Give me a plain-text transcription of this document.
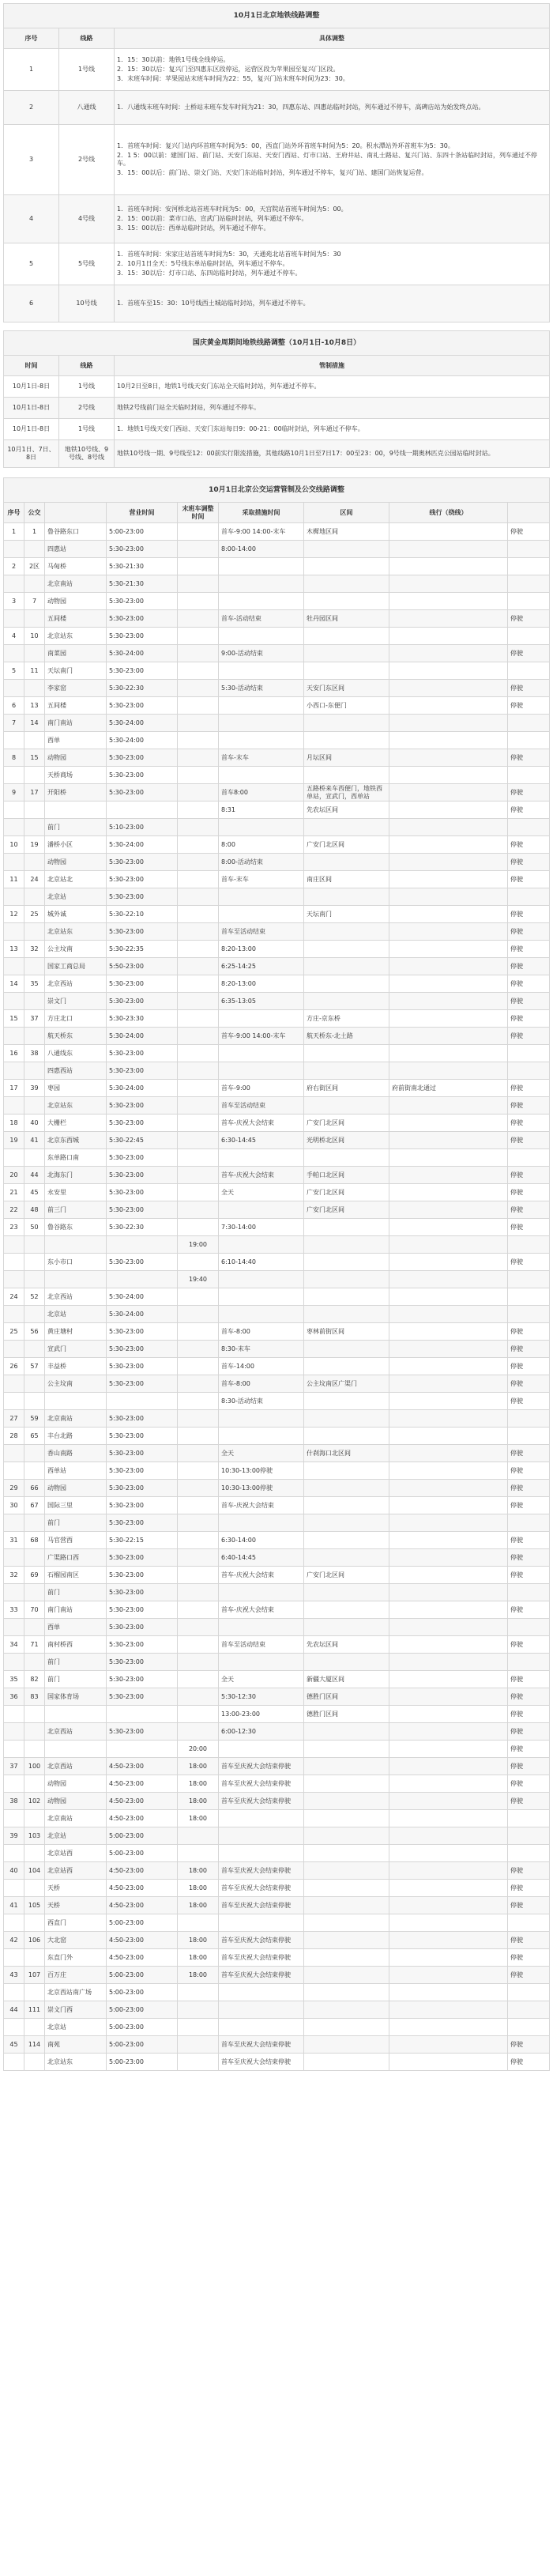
10月1日北京地铁线路调整		
序号	线路	具体调整
1	1号线	1．15：30以前：地铁1号线全线停运。
2．15：30以后：复兴门至四惠东区段停运，运营区段为苹果园至复兴门区段。
3．末班车时间：苹果园站末班车时间为22：55，复兴门站末班车时间为23：30。

2	八通线	1．八通线末班车时间：土桥站末班车发车时间为21：30，四惠东站、四惠站临时封站，列车通过不停车，高碑店站为始发终点站。

3	2号线	1．首班车时间：复兴门站内环首班车时间为5：00，西直门站外环首班车时间为5：20。积水潭站外环首班车为5：30。
2．1 5：00以前：建国门站、前门站、天安门东站、天安门西站、灯市口站、王府井站、南礼士路站、复兴门站、东四十条站临时封站，列车通过不停车。
3．15：00以后：前门站、崇文门站、天安门东站临时封站，列车通过不停车，复兴门站、建国门站恢复运营。

4	4号线	1．首班车时间：安河桥北站首班车时间为5：00，天宫院站首班车时间为5：00。
2．15：00以前：菜市口站、宣武门站临时封站，列车通过不停车。
3．15：00以后：西单站临时封站，列车通过不停车。

5	5号线	1．首班车时间：宋家庄站首班车时间为5：30，天通苑北站首班车时间为5：30
2．10月1日全天：5号线东单站临时封站，列车通过不停车。
3．15：30以后：灯市口站、东四站临时封站，列车通过不停车。

6	10号线	1．首班车至15：30：10号线西土城站临时封站，列车通过不停车。
国庆黄金周期间地铁线路调整（10月1日-10月8日）		
时间	线路	管制措施
10月1日-8日	1号线	10月2日至8日，地铁1号线天安门东站全天临时封站，列车通过不停车。
10月1日-8日	2号线	地铁2号线前门站全天临时封站，列车通过不停车。
10月1日-8日	1号线	1．地铁1号线天安门西站、天安门东站每日9：00-21：00临时封站，列车通过不停车。
10月1日、7日、8日	地铁10号线、9号线、8号线	地铁10号线一期、9号线至12：00前实行限流措施，其他线路10月1日至7日17：00至23：00，9号线一期奥林匹克公园站临时封站。
10月1日北京公交运营管制及公交线路调整								
序号	公交		营业时间	末班车调整时间	采取措施时间	区间	线行（绕线）	
1	1	鲁谷路东口	5:00-23:00		首车-9:00 14:00-末车	木樨地区间		停驶
		四惠站	5:30-23:00		8:00-14:00			
2	2区	马甸桥	5:30-21:30					
		北京南站	5:30-21:30					
3	7	动物园	5:30-23:00					
		五间楼	5:30-23:00		首车-活动结束	牡丹园区间		停驶
4	10	北京站东	5:30-23:00					
		南菜园	5:30-24:00		9:00-活动结束			停驶
5	11	天坛南门	5:30-23:00					
		李家窑	5:30-22:30		5:30-活动结束	天安门东区间		停驶
6	13	五间楼	5:30-23:00			小西口-东便门		停驶
7	14	南门南站	5:30-24:00					
		西单	5:30-24:00					
8	15	动物园	5:30-23:00		首车-末车	月坛区间		停驶
		天桥商场	5:30-23:00					
9	17	开阳桥	5:30-23:00		首车8:00	五路桥来车西便门，地铁西单站，宣武门，西单站		停驶
					8:31	先农坛区间		停驶
		前门	5:10-23:00					
10	19	潘桥小区	5:30-24:00		8:00	广安门北区间		停驶
		动物园	5:30-23:00		8:00-活动结束			停驶
11	24	北京站北	5:30-23:00		首车-末车	南庄区间		停驶
		北京站	5:30-23:00					
12	25	城外诚	5:30-22:10			天坛南门		停驶
		北京站东	5:30-23:00		首车至活动结束			停驶
13	32	公主坟南	5:30-22:35		8:20-13:00			停驶
		国家工商总局	5:50-23:00		6:25-14:25			停驶
14	35	北京西站	5:30-23:00		8:20-13:00			停驶
		崇文门	5:30-23:00		6:35-13:05			停驶
15	37	方庄北口	5:30-23:30			方庄-京东桥		停驶
		航天桥东	5:30-24:00		首车-9:00 14:00-末车	航天桥东-北土路		停驶
16	38	八通线东	5:30-23:00					
		四惠西站	5:30-23:00					
17	39	枣园	5:30-24:00		首车-9:00	府右街区间	府前街南北通过	停驶
		北京站东	5:30-23:00		首车至活动结束			停驶
18	40	大栅栏	5:30-23:00		首车-庆祝大会结束	广安门北区间		停驶
19	41	北京东西城	5:30-22:45		6:30-14:45	光明桥北区间		停驶
		东单路口南	5:30-23:00					
20	44	北海东门	5:30-23:00		首车-庆祝大会结束	手帕口北区间		停驶
21	45	永安里	5:30-23:00		全天	广安门北区间		停驶
22	48	前三门	5:30-23:00			广安门北区间		停驶
23	50	鲁谷路东	5:30-22:30		7:30-14:00			停驶
				19:00				
		东小市口	5:30-23:00		6:10-14:40			停驶
				19:40				
24	52	北京西站	5:30-24:00					
		北京站	5:30-24:00					
25	56	黄庄塘村	5:30-23:00		首车-8:00	枣林前街区间		停驶
		宣武门	5:30-23:00		8:30-末车			停驶
26	57	丰益桥	5:30-23:00		首车-14:00			停驶
		公主坟南	5:30-23:00		首车-8:00	公主坟南区广渠门		停驶
					8:30-活动结束			停驶
27	59	北京南站	5:30-23:00					
28	65	丰台北路	5:30-23:00					
		香山南路	5:30-23:00		全天	什刹海口北区间		停驶
		西单站	5:30-23:00		10:30-13:00停驶			停驶
29	66	动物园	5:30-23:00		10:30-13:00停驶			停驶
30	67	国际三里	5:30-23:00		首车-庆祝大会结束			停驶
		前门	5:30-23:00					
31	68	马官营西	5:30-22:15		6:30-14:00			停驶
		广渠路口西	5:30-23:00		6:40-14:45			停驶
32	69	石榴园南区	5:30-23:00		首车-庆祝大会结束	广安门北区间		停驶
		前门	5:30-23:00					
33	70	南门南站	5:30-23:00		首车-庆祝大会结束			停驶
		西单	5:30-23:00					
34	71	南村桥西	5:30-23:00		首车至活动结束	先农坛区间		停驶
		前门	5:30-23:00					
35	82	前门	5:30-23:00		全天	新疆大厦区间		停驶
36	83	国家体育场	5:30-23:00		5:30-12:30	德胜门区间		停驶
					13:00-23:00	德胜门区间		停驶
		北京西站	5:30-23:00		6:00-12:30			停驶
				20:00				停驶
37	100	北京西站	4:50-23:00	18:00	首车至庆祝大会结束停驶			停驶
		动物园	4:50-23:00	18:00	首车至庆祝大会结束停驶			停驶
38	102	动物园	4:50-23:00	18:00	首车至庆祝大会结束停驶			停驶
		北京南站	4:50-23:00	18:00				
39	103	北京站	5:00-23:00					
		北京站西	5:00-23:00					
40	104	北京站西	4:50-23:00	18:00	首车至庆祝大会结束停驶			停驶
		天桥	4:50-23:00	18:00	首车至庆祝大会结束停驶			停驶
41	105	天桥	4:50-23:00	18:00	首车至庆祝大会结束停驶			停驶
		西直门	5:00-23:00					
42	106	大北窑	4:50-23:00	18:00	首车至庆祝大会结束停驶			停驶
		东直门外	4:50-23:00	18:00	首车至庆祝大会结束停驶			停驶
43	107	百万庄	5:00-23:00	18:00	首车至庆祝大会结束停驶			停驶
		北京西站南广场	5:00-23:00					
44	111	崇文门西	5:00-23:00					
		北京站	5:00-23:00					
45	114	南苑	5:00-23:00		首车至庆祝大会结束停驶			停驶
		北京站东	5:00-23:00		首车至庆祝大会结束停驶			停驶
